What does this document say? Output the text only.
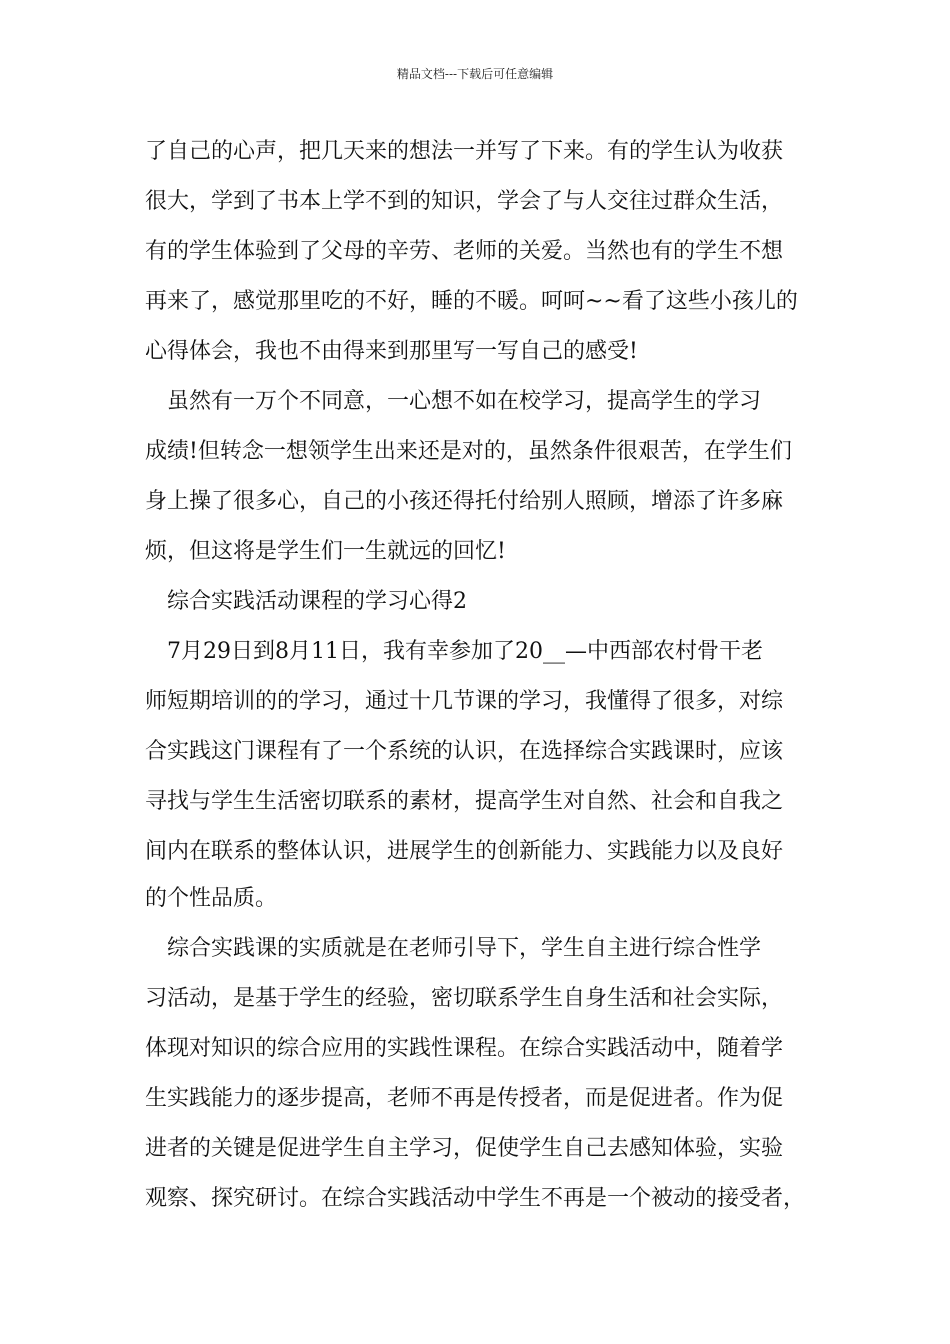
精品文档---下载后可任意编辑
了自己的心声，把几天来的想法一并写了下来。有的学生认为收获
很大，学到了书本上学不到的知识，学会了与人交往过群众生活，
有的学生体验到了父母的辛劳、老师的关爱。当然也有的学生不想
再来了，感觉那里吃的不好，睡的不暖。呵呵~~看了这些小孩儿的
心得体会，我也不由得来到那里写一写自己的感受!
　虽然有一万个不同意，一心想不如在校学习，提高学生的学习
成绩!但转念一想领学生出来还是对的，虽然条件很艰苦，在学生们
身上操了很多心，自己的小孩还得托付给别人照顾，增添了许多麻
烦，但这将是学生们一生就远的回忆!
　综合实践活动课程的学习心得2
　7月29日到8月11日，我有幸参加了20__—中西部农村骨干老
师短期培训的的学习，通过十几节课的学习，我懂得了很多，对综
合实践这门课程有了一个系统的认识，在选择综合实践课时，应该
寻找与学生生活密切联系的素材，提高学生对自然、社会和自我之
间内在联系的整体认识，进展学生的创新能力、实践能力以及良好
的个性品质。
　综合实践课的实质就是在老师引导下，学生自主进行综合性学
习活动，是基于学生的经验，密切联系学生自身生活和社会实际，
体现对知识的综合应用的实践性课程。在综合实践活动中，随着学
生实践能力的逐步提高，老师不再是传授者，而是促进者。作为促
进者的关键是促进学生自主学习，促使学生自己去感知体验，实验
观察、探究研讨。在综合实践活动中学生不再是一个被动的接受者，
